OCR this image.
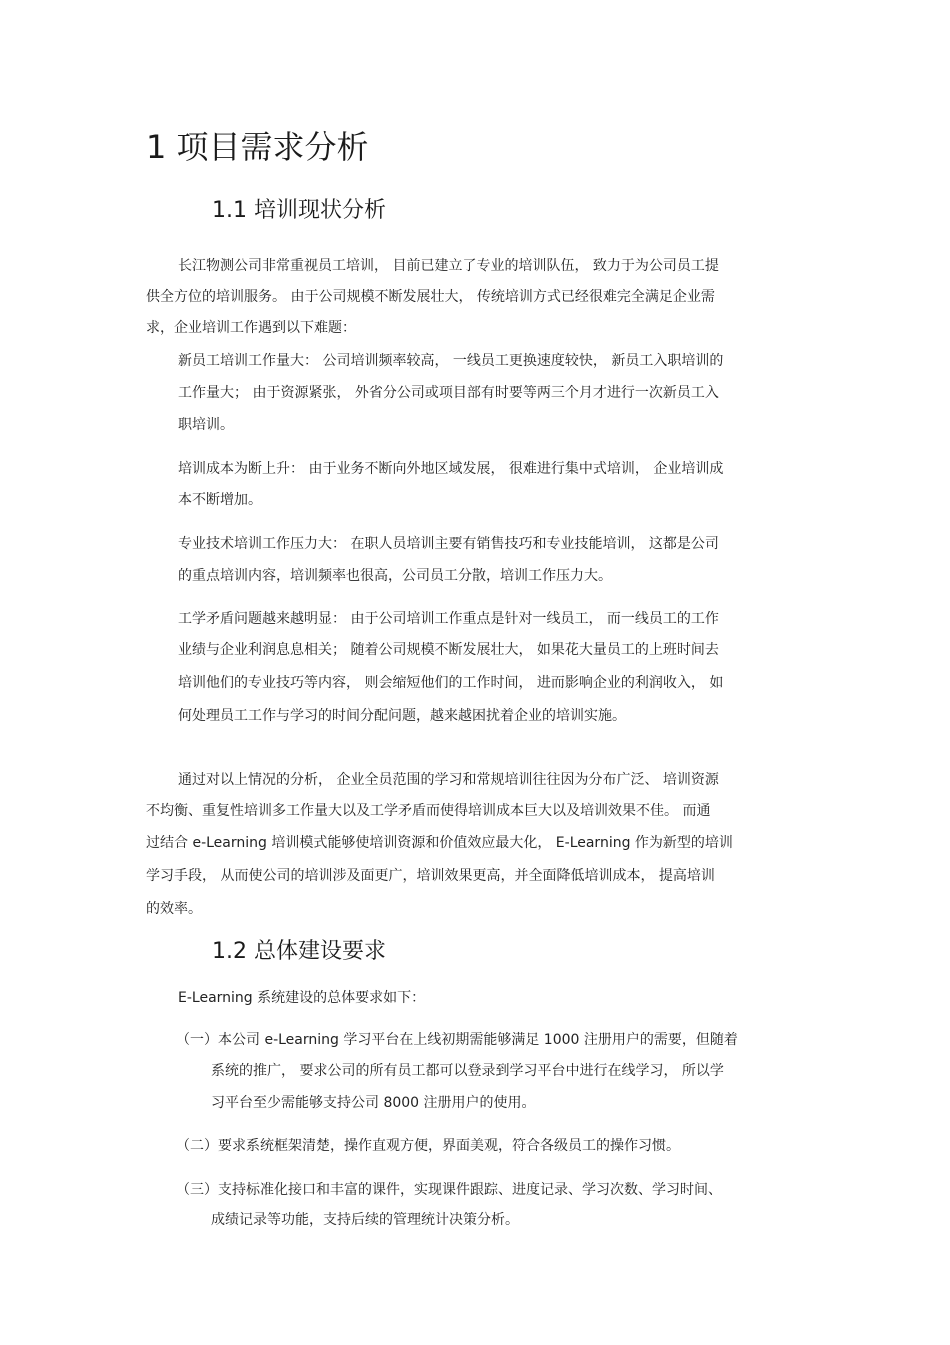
1 项目需求分析
1.1 培训现状分析
长江物测公司非常重视员工培训， 目前已建立了专业的培训队伍， 致力于为公司员工提
供全方位的培训服务。 由于公司规模不断发展壮大， 传统培训方式已经很难完全满足企业需
求，企业培训工作遇到以下难题：
新员工培训工作量大： 公司培训频率较高， 一线员工更换速度较快， 新员工入职培训的
工作量大； 由于资源紧张， 外省分公司或项目部有时要等两三个月才进行一次新员工入
职培训。
培训成本为断上升： 由于业务不断向外地区域发展， 很难进行集中式培训， 企业培训成
本不断增加。
专业技术培训工作压力大： 在职人员培训主要有销售技巧和专业技能培训， 这都是公司
的重点培训内容，培训频率也很高，公司员工分散，培训工作压力大。
工学矛盾问题越来越明显： 由于公司培训工作重点是针对一线员工， 而一线员工的工作
业绩与企业利润息息相关； 随着公司规模不断发展壮大， 如果花大量员工的上班时间去
培训他们的专业技巧等内容， 则会缩短他们的工作时间， 进而影响企业的利润收入， 如
何处理员工工作与学习的时间分配问题，越来越困扰着企业的培训实施。
通过对以上情况的分析， 企业全员范围的学习和常规培训往往因为分布广泛、 培训资源
不均衡、重复性培训多工作量大以及工学矛盾而使得培训成本巨大以及培训效果不佳。 而通
过结合 e-Learning 培训模式能够使培训资源和价值效应最大化， E-Learning 作为新型的培训
学习手段， 从而使公司的培训涉及面更广，培训效果更高，并全面降低培训成本， 提高培训
的效率。
1.2 总体建设要求
E-Learning 系统建设的总体要求如下：
（一）本公司 e-Learning 学习平台在上线初期需能够满足 1000 注册用户的需要，但随着
系统的推广， 要求公司的所有员工都可以登录到学习平台中进行在线学习， 所以学
习平台至少需能够支持公司 8000 注册用户的使用。
（二）要求系统框架清楚，操作直观方便，界面美观，符合各级员工的操作习惯。
（三）支持标准化接口和丰富的课件，实现课件跟踪、进度记录、学习次数、学习时间、
成绩记录等功能，支持后续的管理统计决策分析。
